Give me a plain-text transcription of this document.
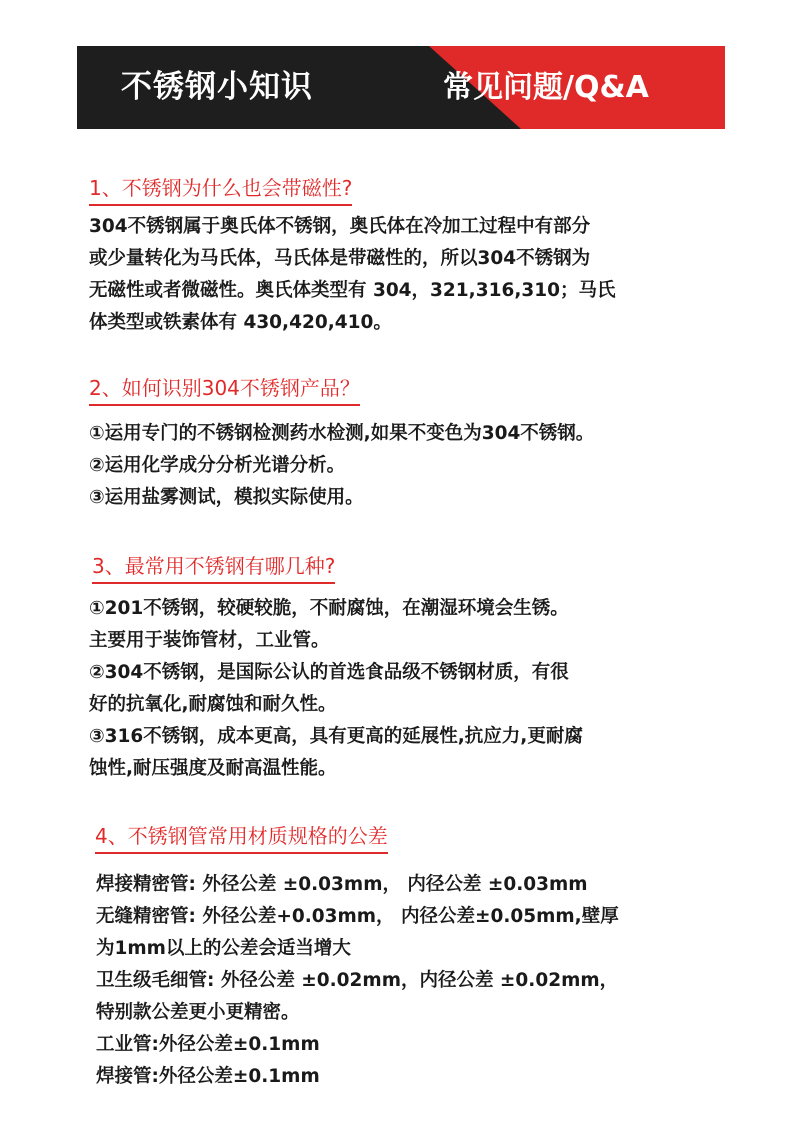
不锈钢小知识	常见问题/Q&A
1、不锈钢为什么也会带磁性?
304不锈钢属于奥氏体不锈钢，奥氏体在冷加工过程中有部分
或少量转化为马氏体，马氏体是带磁性的，所以304不锈钢为
无磁性或者微磁性。奥氏体类型有 304，321,316,310；马氏
体类型或铁素体有 430,420,410。
2、如何识别304不锈钢产品？
①运用专门的不锈钢检测药水检测,如果不变色为304不锈钢。
②运用化学成分分析光谱分析。
③运用盐雾测试，模拟实际使用。
3、最常用不锈钢有哪几种?
①201不锈钢，较硬较脆，不耐腐蚀，在潮湿环境会生锈。
主要用于装饰管材，工业管。
②304不锈钢，是国际公认的首选食品级不锈钢材质，有很
好的抗氧化,耐腐蚀和耐久性。
③316不锈钢，成本更高，具有更高的延展性,抗应力,更耐腐
蚀性,耐压强度及耐高温性能。
4、不锈钢管常用材质规格的公差
焊接精密管: 外径公差 ±0.03mm， 内径公差 ±0.03mm
无缝精密管: 外径公差+0.03mm， 内径公差±0.05mm,壁厚
为1mm以上的公差会适当增大
卫生级毛细管: 外径公差 ±0.02mm，内径公差 ±0.02mm，
特别款公差更小更精密。
工业管:外径公差±0.1mm
焊接管:外径公差±0.1mm
